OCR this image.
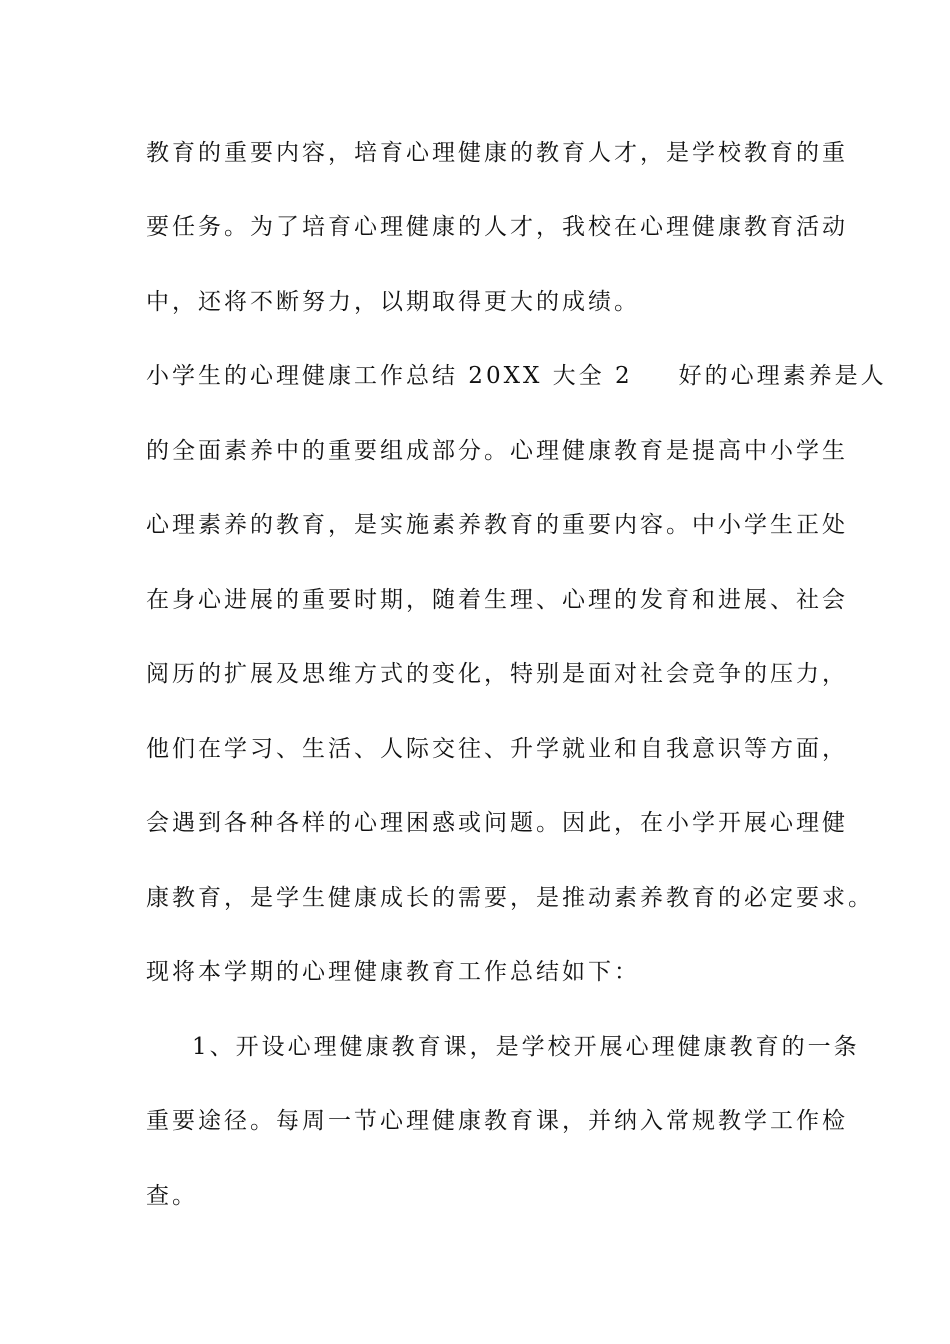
教育的重要内容，培育心理健康的教育人才，是学校教育的重
要任务。为了培育心理健康的人才，我校在心理健康教育活动
中，还将不断努力，以期取得更大的成绩。
小学生的心理健康工作总结 20XX 大全 2 好的心理素养是人
的全面素养中的重要组成部分。心理健康教育是提高中小学生
心理素养的教育，是实施素养教育的重要内容。中小学生正处
在身心进展的重要时期，随着生理、心理的发育和进展、社会
阅历的扩展及思维方式的变化，特别是面对社会竞争的压力，
他们在学习、生活、人际交往、升学就业和自我意识等方面，
会遇到各种各样的心理困惑或问题。因此，在小学开展心理健
康教育，是学生健康成长的需要，是推动素养教育的必定要求。
现将本学期的心理健康教育工作总结如下：
1、开设心理健康教育课，是学校开展心理健康教育的一条
重要途径。每周一节心理健康教育课，并纳入常规教学工作检
查。
